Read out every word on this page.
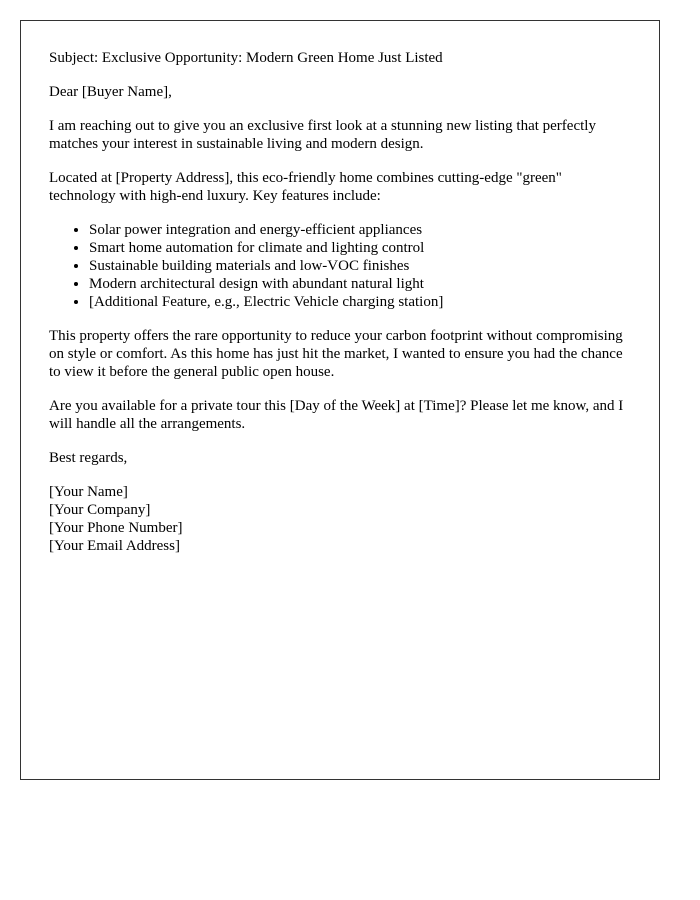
Subject: Exclusive Opportunity: Modern Green Home Just Listed

Dear [Buyer Name],

I am reaching out to give you an exclusive first look at a stunning new listing that perfectly matches your interest in sustainable living and modern design.

Located at [Property Address], this eco-friendly home combines cutting-edge "green" technology with high-end luxury. Key features include:

• Solar power integration and energy-efficient appliances
• Smart home automation for climate and lighting control
• Sustainable building materials and low-VOC finishes
• Modern architectural design with abundant natural light
• [Additional Feature, e.g., Electric Vehicle charging station]

This property offers the rare opportunity to reduce your carbon footprint without compromising on style or comfort. As this home has just hit the market, I wanted to ensure you had the chance to view it before the general public open house.

Are you available for a private tour this [Day of the Week] at [Time]? Please let me know, and I will handle all the arrangements.

Best regards,

[Your Name]
[Your Company]
[Your Phone Number]
[Your Email Address]
